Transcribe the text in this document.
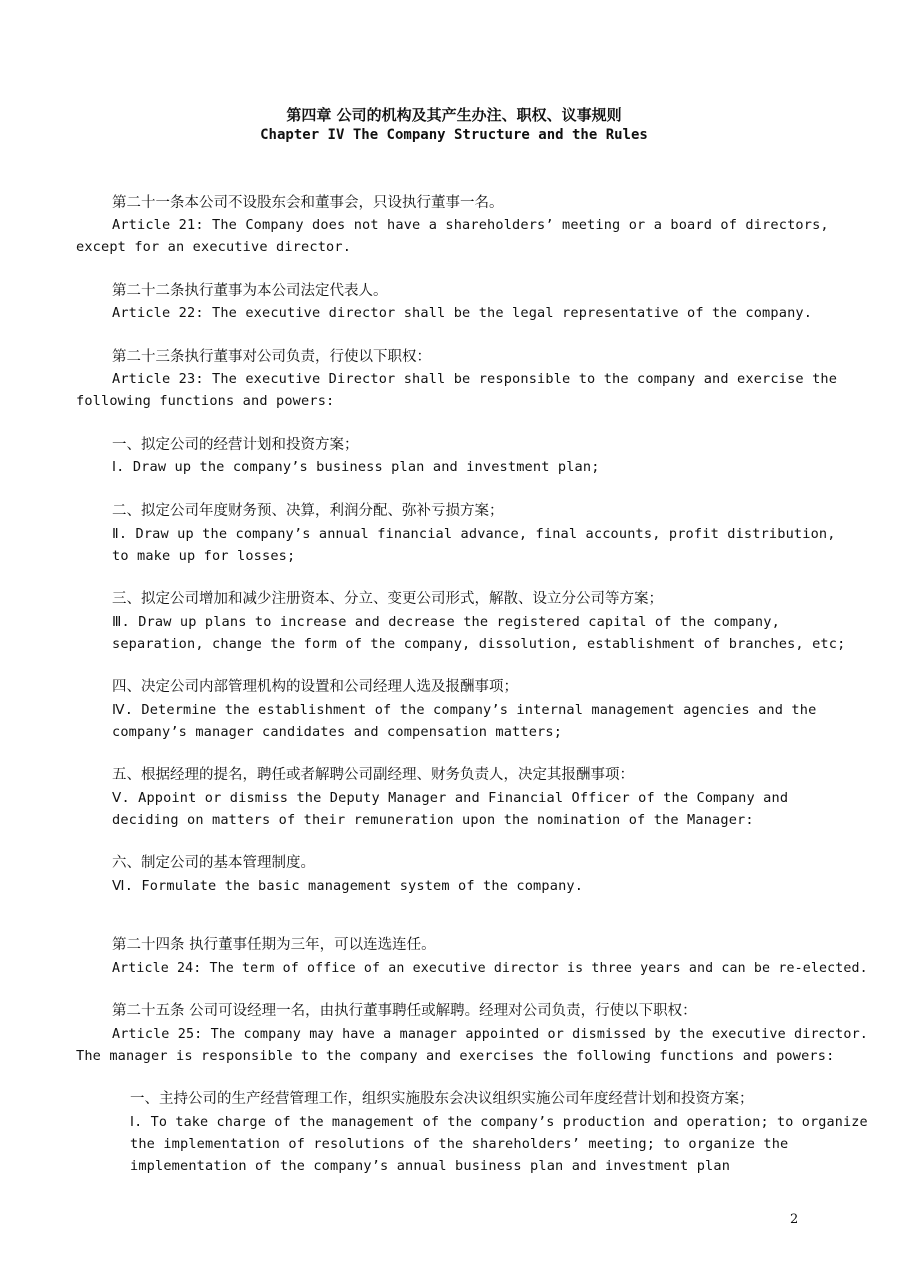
第四章 公司的机构及其产生办注、职权、议事规则
Chapter IV The Company Structure and the Rules
第二十一条本公司不设股东会和董事会，只设执行董事一名。
Article 21: The Company does not have a shareholders’ meeting or a board of directors,
except for an executive director.
第二十二条执行董事为本公司法定代表人。
Article 22: The executive director shall be the legal representative of the company.
第二十三条执行董事对公司负责，行使以下职权：
Article 23: The executive Director shall be responsible to the company and exercise the
following functions and powers:
一、拟定公司的经营计划和投资方案；
Ⅰ. Draw up the company’s business plan and investment plan;
二、拟定公司年度财务预、决算，利润分配、弥补亏损方案；
Ⅱ. Draw up the company’s annual financial advance, final accounts, profit distribution,
to make up for losses;
三、拟定公司增加和减少注册资本、分立、变更公司形式，解散、设立分公司等方案；
Ⅲ. Draw up plans to increase and decrease the registered capital of the company,
separation, change the form of the company, dissolution, establishment of branches, etc;
四、决定公司内部管理机构的设置和公司经理人选及报酬事项；
Ⅳ. Determine the establishment of the company’s internal management agencies and the
company’s manager candidates and compensation matters;
五、根据经理的提名，聘任或者解聘公司副经理、财务负责人，决定其报酬事项：
Ⅴ. Appoint or dismiss the Deputy Manager and Financial Officer of the Company and
deciding on matters of their remuneration upon the nomination of the Manager:
六、制定公司的基本管理制度。
Ⅵ. Formulate the basic management system of the company.
第二十四条 执行董事任期为三年，可以连选连任。
Article 24: The term of office of an executive director is three years and can be re-elected.
第二十五条 公司可设经理一名，由执行董事聘任或解聘。经理对公司负责，行使以下职权：
Article 25: The company may have a manager appointed or dismissed by the executive director.
The manager is responsible to the company and exercises the following functions and powers:
一、主持公司的生产经营管理工作，组织实施股东会决议组织实施公司年度经营计划和投资方案；
Ⅰ. To take charge of the management of the company’s production and operation; to organize
the implementation of resolutions of the shareholders’ meeting; to organize the
implementation of the company’s annual business plan and investment plan
2
